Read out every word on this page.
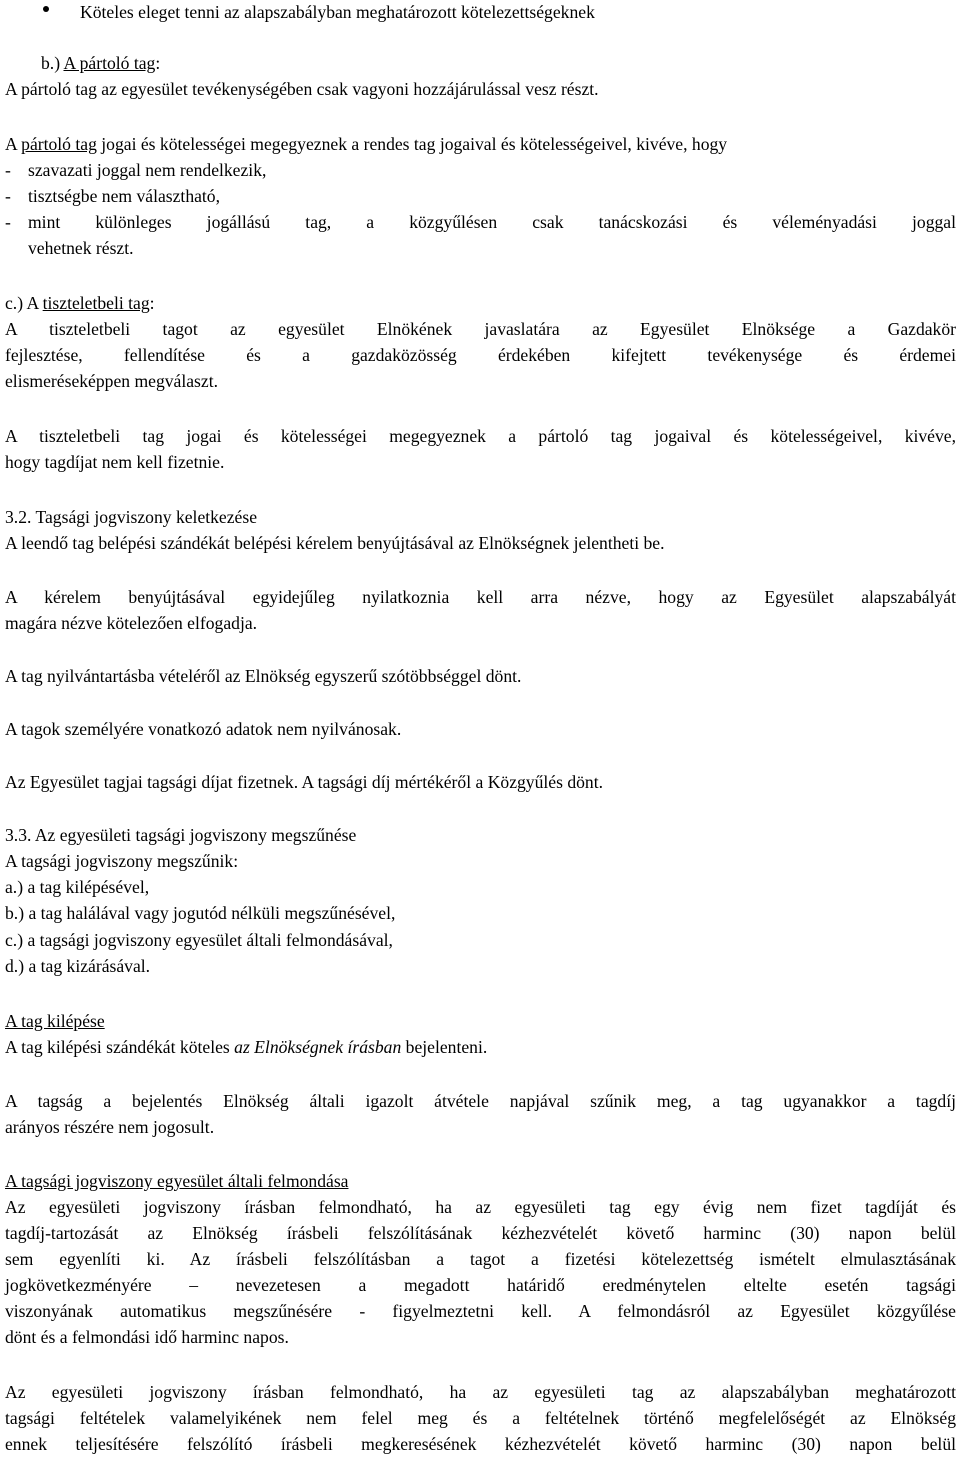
Köteles eleget tenni az alapszabályban meghatározott kötelezettségeknek
b.) A pártoló tag:
A pártoló tag az egyesület tevékenységében csak vagyoni hozzájárulással vesz részt.
A pártoló tag jogai és kötelességei megegyeznek a rendes tag jogaival és kötelességeivel, kivéve, hogy
- szavazati joggal nem rendelkezik,
- tisztségbe nem választható,
- mint különleges jogállású tag, a közgyűlésen csak tanácskozási és véleményadási joggal
vehetnek részt.
c.) A tiszteletbeli tag:
A tiszteletbeli tagot az egyesület Elnökének javaslatára az Egyesület Elnöksége a Gazdakör
fejlesztése, fellendítése és a gazdaközösség érdekében kifejtett tevékenysége és érdemei
elismeréseképpen megválaszt.
A tiszteletbeli tag jogai és kötelességei megegyeznek a pártoló tag jogaival és kötelességeivel, kivéve,
hogy tagdíjat nem kell fizetnie.
3.2. Tagsági jogviszony keletkezése
A leendő tag belépési szándékát belépési kérelem benyújtásával az Elnökségnek jelentheti be.
A kérelem benyújtásával egyidejűleg nyilatkoznia kell arra nézve, hogy az Egyesület alapszabályát
magára nézve kötelezően elfogadja.
A tag nyilvántartásba vételéről az Elnökség egyszerű szótöbbséggel dönt.
A tagok személyére vonatkozó adatok nem nyilvánosak.
Az Egyesület tagjai tagsági díjat fizetnek. A tagsági díj mértékéről a Közgyűlés dönt.
3.3. Az egyesületi tagsági jogviszony megszűnése
A tagsági jogviszony megszűnik:
a.) a tag kilépésével,
b.) a tag halálával vagy jogutód nélküli megszűnésével,
c.) a tagsági jogviszony egyesület általi felmondásával,
d.) a tag kizárásával.
A tag kilépése
A tag kilépési szándékát köteles az Elnökségnek írásban bejelenteni.
A tagság a bejelentés Elnökség általi igazolt átvétele napjával szűnik meg, a tag ugyanakkor a tagdíj
arányos részére nem jogosult.
A tagsági jogviszony egyesület általi felmondása
Az egyesületi jogviszony írásban felmondható, ha az egyesületi tag egy évig nem fizet tagdíját és
tagdíj-tartozását az Elnökség írásbeli felszólításának kézhezvételét követő harminc (30) napon belül
sem egyenlíti ki. Az írásbeli felszólításban a tagot a fizetési kötelezettség ismételt elmulasztásának
jogkövetkezményére – nevezetesen a megadott határidő eredménytelen eltelte esetén tagsági
viszonyának automatikus megszűnésére - figyelmeztetni kell. A felmondásról az Egyesület közgyűlése
dönt és a felmondási idő harminc napos.
Az egyesületi jogviszony írásban felmondható, ha az egyesületi tag az alapszabályban meghatározott
tagsági feltételek valamelyikének nem felel meg és a feltételnek történő megfelelőségét az Elnökség
ennek teljesítésére felszólító írásbeli megkeresésének kézhezvételét követő harminc (30) napon belül
